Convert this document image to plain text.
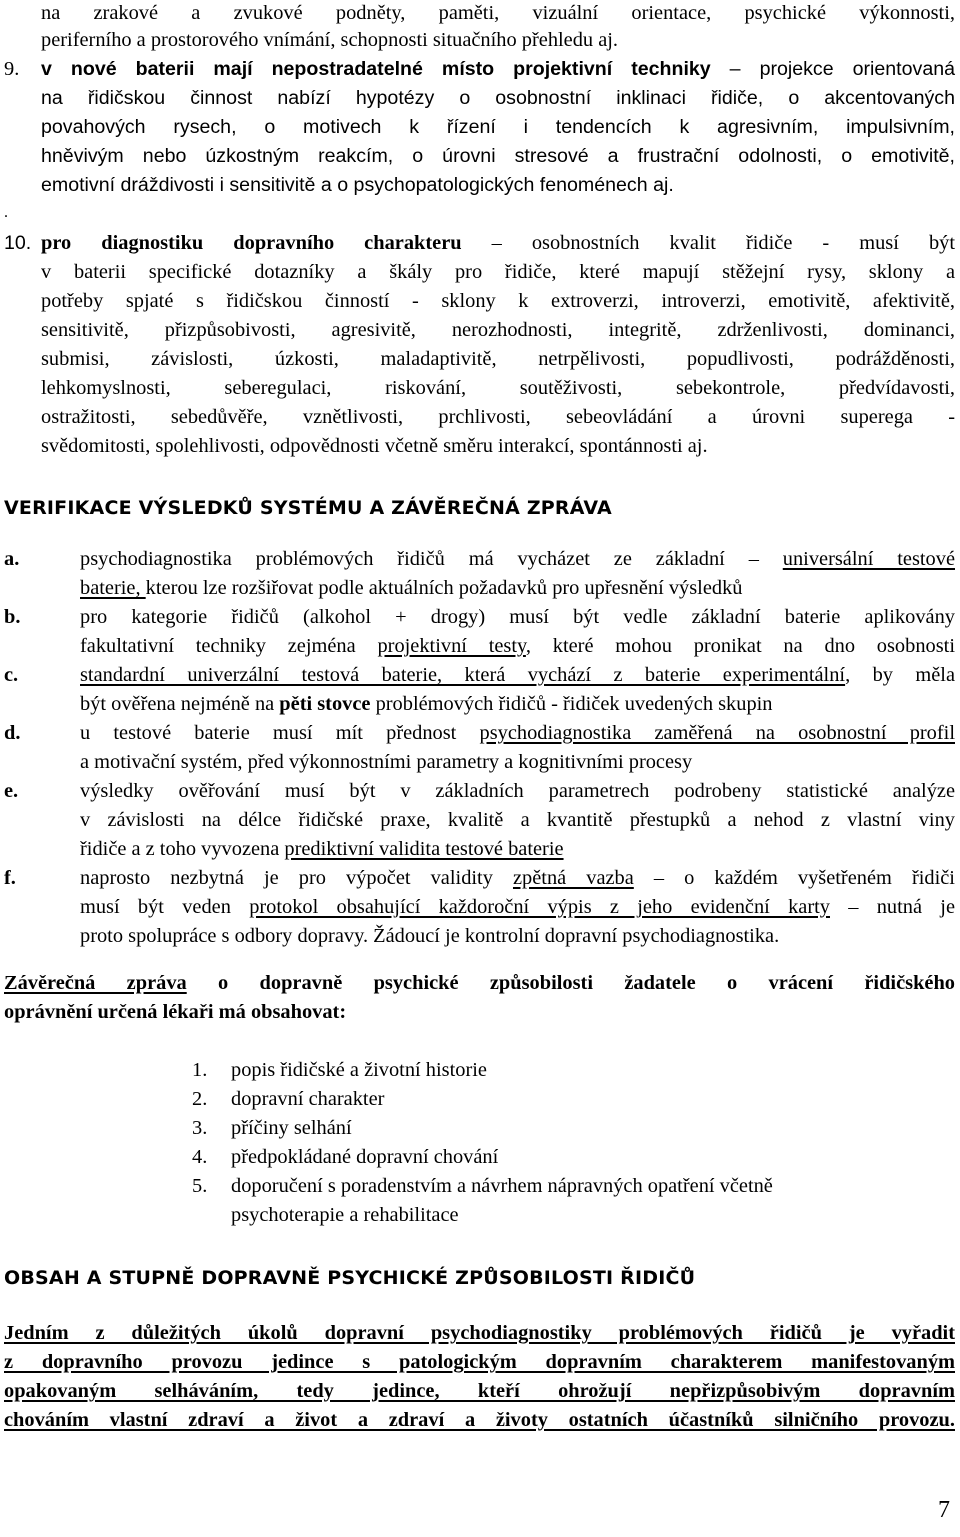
na zrakové a zvukové podněty, paměti, vizuální orientace, psychické výkonnosti,
periferního a prostorového vnímání, schopnosti situačního přehledu aj.
9. v nové baterii mají nepostradatelné místo projektivní techniky – projekce orientovaná
na řidičskou činnost nabízí hypotézy o osobnostní inklinaci řidiče, o akcentovaných
povahových rysech, o motivech k řízení i tendencích k agresivním, impulsivním,
hněvivým nebo úzkostným reakcím, o úrovni stresové a frustrační odolnosti, o emotivitě,
emotivní dráždivosti i sensitivitě a o psychopatologických fenoménech aj.
.
10. pro diagnostiku dopravního charakteru – osobnostních kvalit řidiče - musí být
v baterii specifické dotazníky a škály pro řidiče, které mapují stěžejní rysy, sklony a
potřeby spjaté s řidičskou činností - sklony k extroverzi, introverzi, emotivitě, afektivitě,
sensitivitě, přizpůsobivosti, agresivitě, nerozhodnosti, integritě, zdrženlivosti, dominanci,
submisi, závislosti, úzkosti, maladaptivitě, netrpělivosti, popudlivosti, podrážděnosti,
lehkomyslnosti, seberegulaci, riskování, soutěživosti, sebekontrole, předvídavosti,
ostražitosti, sebedůvěře, vznětlivosti, prchlivosti, sebeovládání a úrovni superega -
svědomitosti, spolehlivosti, odpovědnosti včetně směru interakcí, spontánnosti aj.
VERIFIKACE VÝSLEDKŮ SYSTÉMU A ZÁVĚREČNÁ ZPRÁVA
a.	psychodiagnostika problémových řidičů má vycházet ze základní – universální testové
baterie, kterou lze rozšiřovat podle aktuálních požadavků pro upřesnění výsledků
b.	pro kategorie řidičů (alkohol + drogy) musí být vedle základní baterie aplikovány
fakultativní techniky zejména projektivní testy, které mohou pronikat na dno osobnosti
c.	standardní univerzální testová baterie, která vychází z baterie experimentální, by měla
být ověřena nejméně na pěti stovce problémových řidičů - řidiček uvedených skupin
d.	u testové baterie musí mít přednost psychodiagnostika zaměřená na osobnostní profil
a motivační systém, před výkonnostními parametry a kognitivními procesy
e.	výsledky ověřování musí být v základních parametrech podrobeny statistické analýze
v závislosti na délce řidičské praxe, kvalitě a kvantitě přestupků a nehod z vlastní viny
řidiče a z toho vyvozena prediktivní validita testové baterie
f.	naprosto nezbytná je pro výpočet validity zpětná vazba – o každém vyšetřeném řidiči
musí být veden protokol obsahující každoroční výpis z jeho evidenční karty – nutná je
proto spolupráce s odbory dopravy. Žádoucí je kontrolní dopravní psychodiagnostika.
Závěrečná zpráva o dopravně psychické způsobilosti žadatele o vrácení řidičského
oprávnění určená lékaři má obsahovat:
1. popis řidičské a životní historie
2. dopravní charakter
3. příčiny selhání
4. předpokládané dopravní chování
5. doporučení s poradenstvím a návrhem nápravných opatření včetně
psychoterapie a rehabilitace
OBSAH A STUPNĚ DOPRAVNĚ PSYCHICKÉ ZPŮSOBILOSTI ŘIDIČŮ
Jedním z důležitých úkolů dopravní psychodiagnostiky problémových řidičů je vyřadit
z dopravního provozu jedince s patologickým dopravním charakterem manifestovaným
opakovaným selháváním, tedy jedince, kteří ohrožují nepřizpůsobivým dopravním
chováním vlastní zdraví a život a zdraví a životy ostatních účastníků silničního provozu.
7
